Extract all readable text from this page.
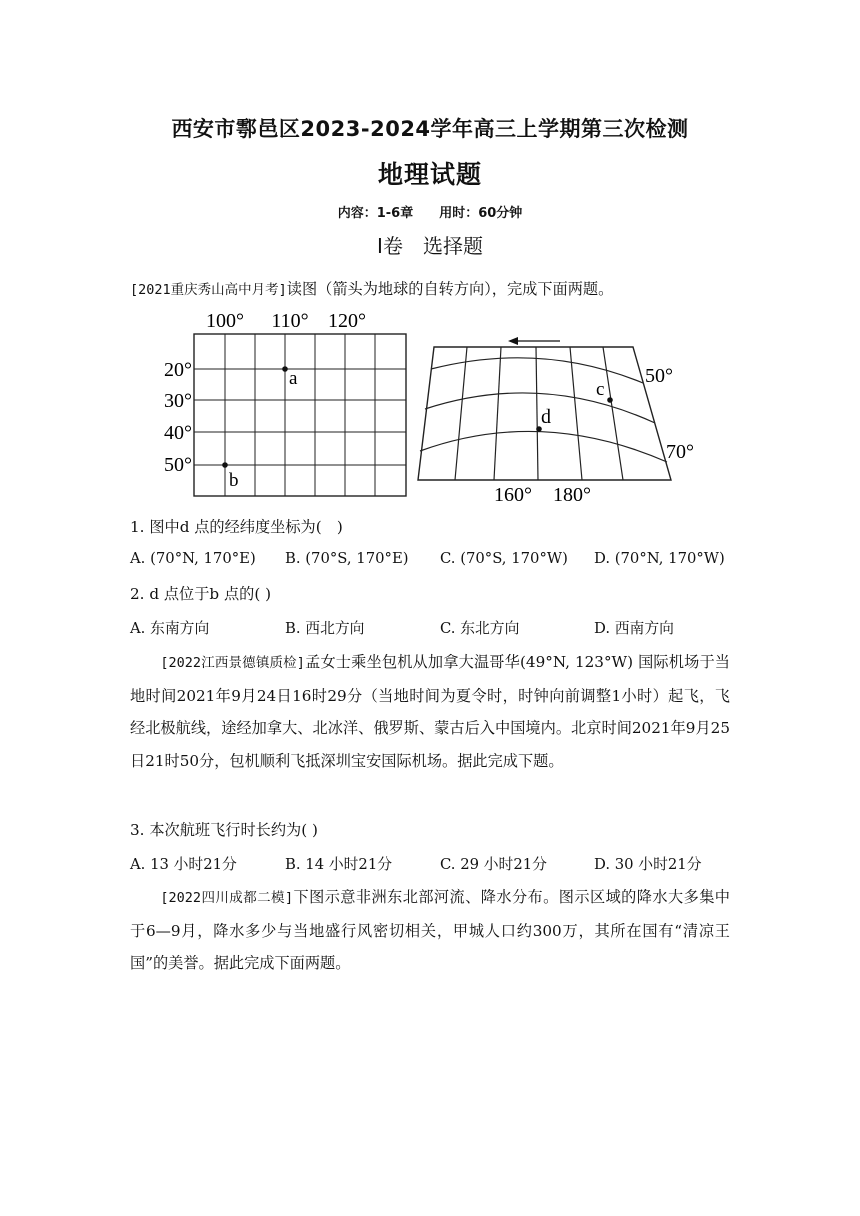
西安市鄠邑区2023-2024学年高三上学期第三次检测
地理试题
内容：1-6章 用时：60分钟
Ⅰ卷　选择题
[2021重庆秀山高中月考]读图（箭头为地球的自转方向），完成下面两题。
100° 110° 120°
20°
30°
40°
50°
a
b
c
d
50°
70°
160° 180°
1. 图中d 点的经纬度坐标为(　)
A. (70°N, 170°E) B. (70°S, 170°E) C. (70°S, 170°W) D. (70°N, 170°W)
2. d 点位于b 点的( )
A. 东南方向	B. 西北方向	C. 东北方向	D. 西南方向
[2022江西景德镇质检]孟女士乘坐包机从加拿大温哥华(49°N, 123°W) 国际机场于当地时间2021年9月24日16时29分（当地时间为夏令时，时钟向前调整1小时）起飞，飞经北极航线，途经加拿大、北冰洋、俄罗斯、蒙古后入中国境内。北京时间2021年9月25日21时50分，包机顺利飞抵深圳宝安国际机场。据此完成下题。
3. 本次航班飞行时长约为( )
A. 13 小时21分	B. 14 小时21分	C. 29 小时21分	D. 30 小时21分
[2022四川成都二模]下图示意非洲东北部河流、降水分布。图示区域的降水大多集中于6—9月，降水多少与当地盛行风密切相关，甲城人口约300万，其所在国有“清凉王国”的美誉。据此完成下面两题。
